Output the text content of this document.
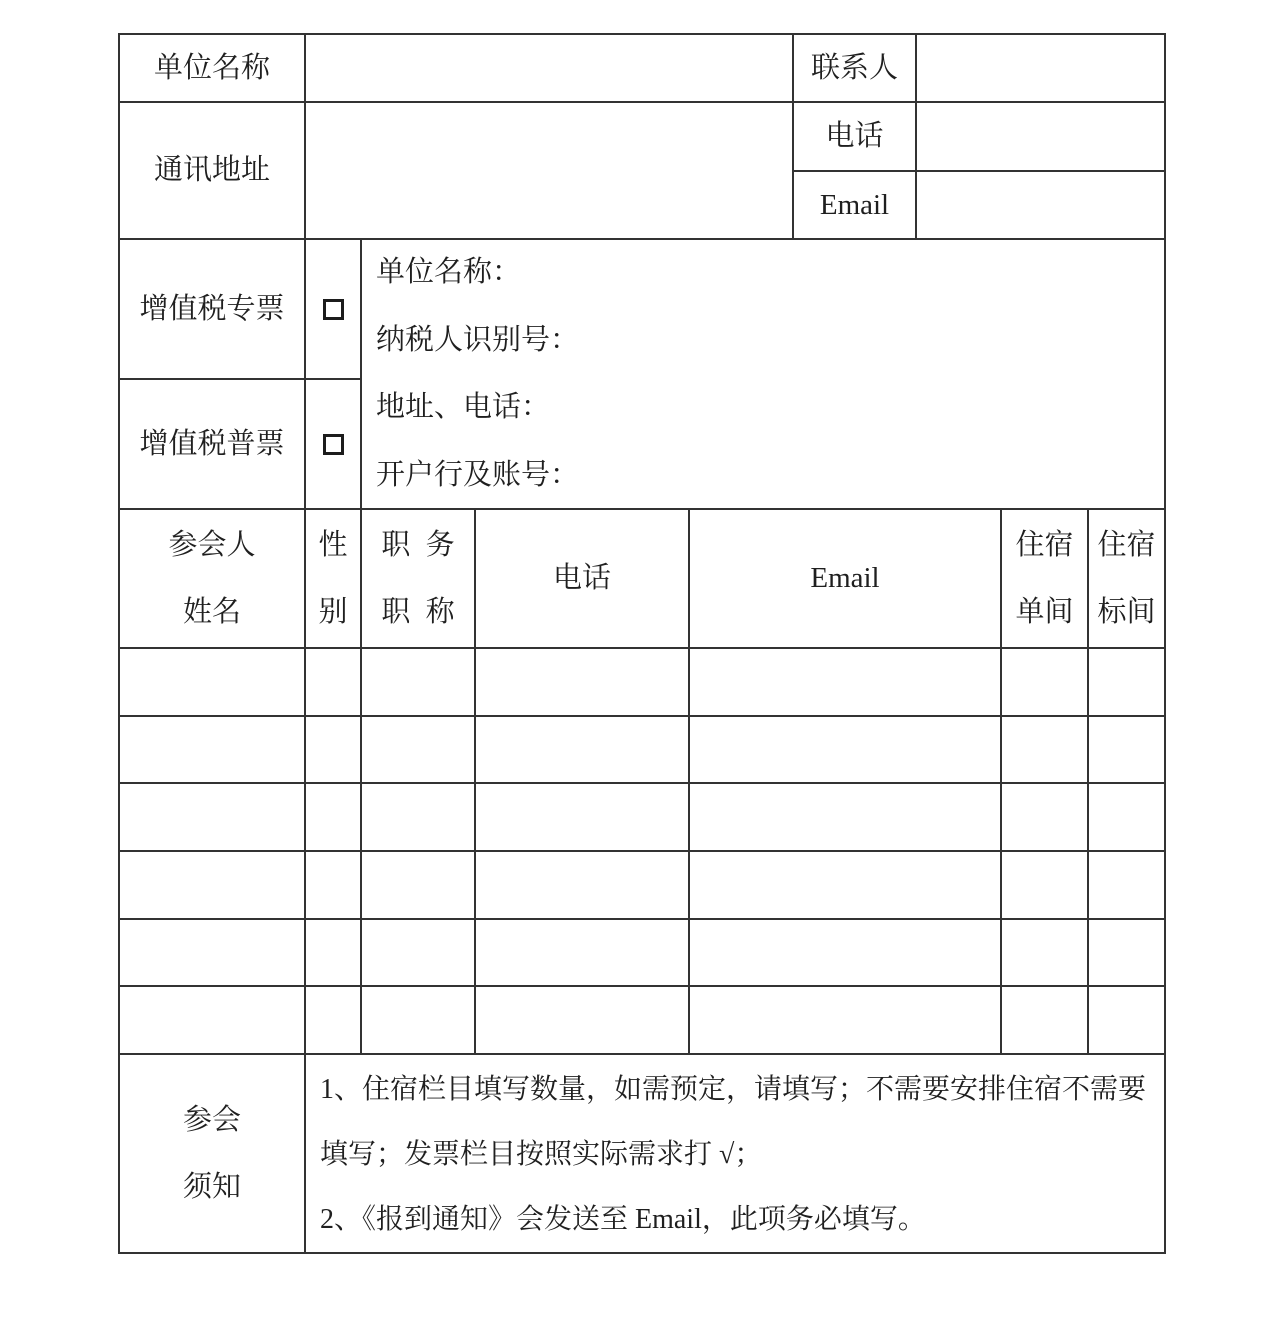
单位名称	联系人
通讯地址
电话
Email
增值税专票
单位名称：
纳税人识别号：
地址、电话：
开户行及账号：
增值税普票
参会人
姓名
性
别
职 务
职 称
电话	Email
住宿
单间
住宿
标间
参会
须知

1、住宿栏目填写数量，如需预定，请填写；不需要安排住宿不需要填写；发票栏目按照实际需求打 √；

2、《报到通知》会发送至 Email，此项务必填写。
